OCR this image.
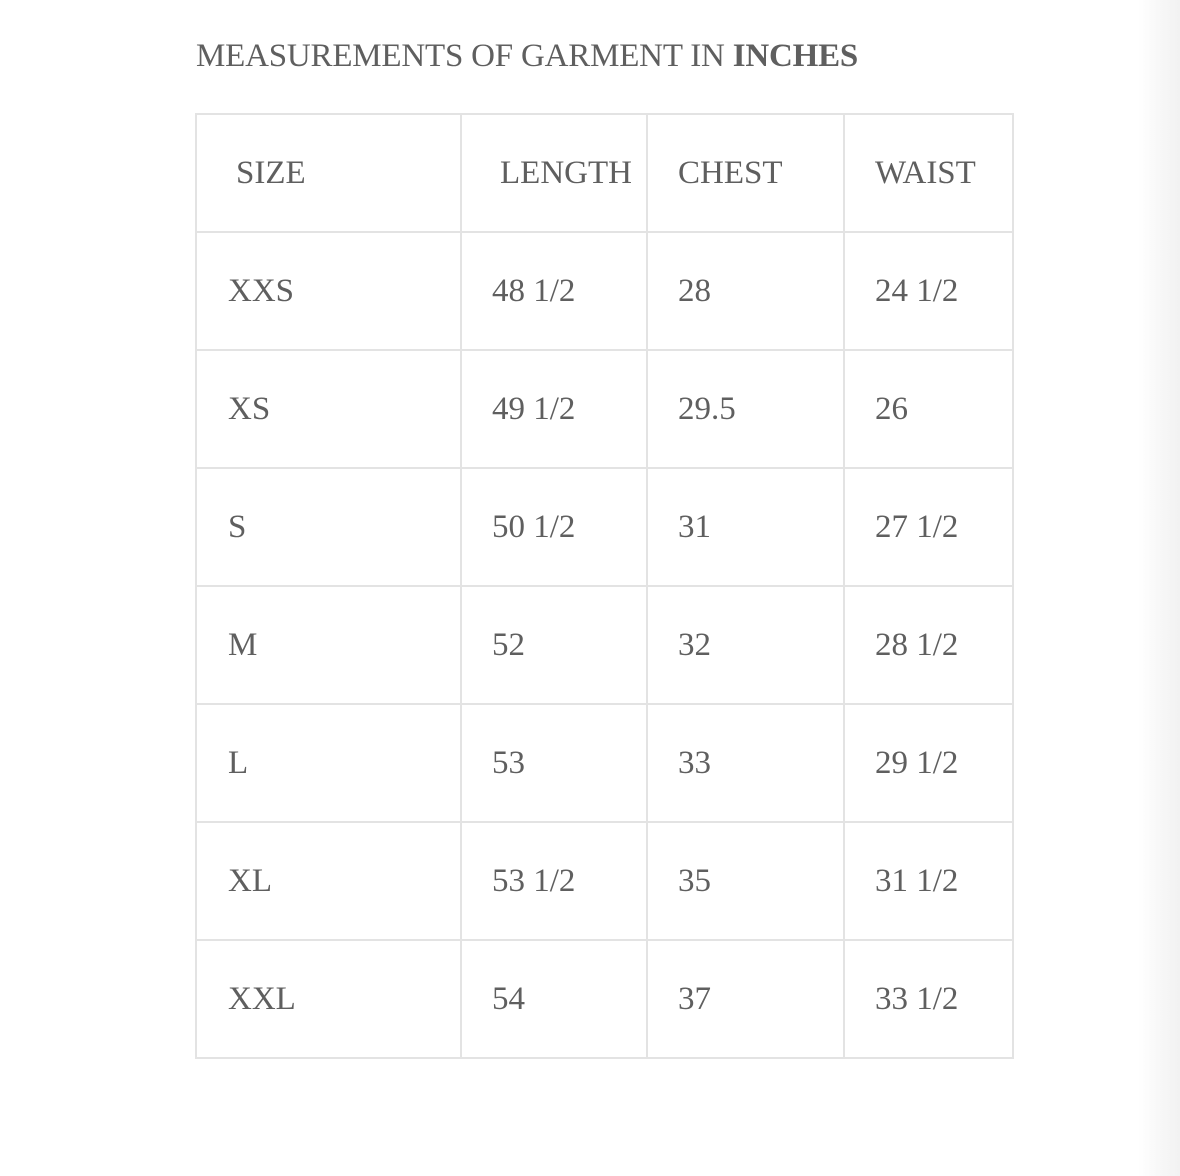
MEASUREMENTS OF GARMENT IN INCHES
SIZE	LENGTH	CHEST	WAIST
XXS	48 1/2	28	24 1/2
XS	49 1/2	29.5	26
S	50 1/2	31	27 1/2
M	52	32	28 1/2
L	53	33	29 1/2
XL	53 1/2	35	31 1/2
XXL	54	37	33 1/2
